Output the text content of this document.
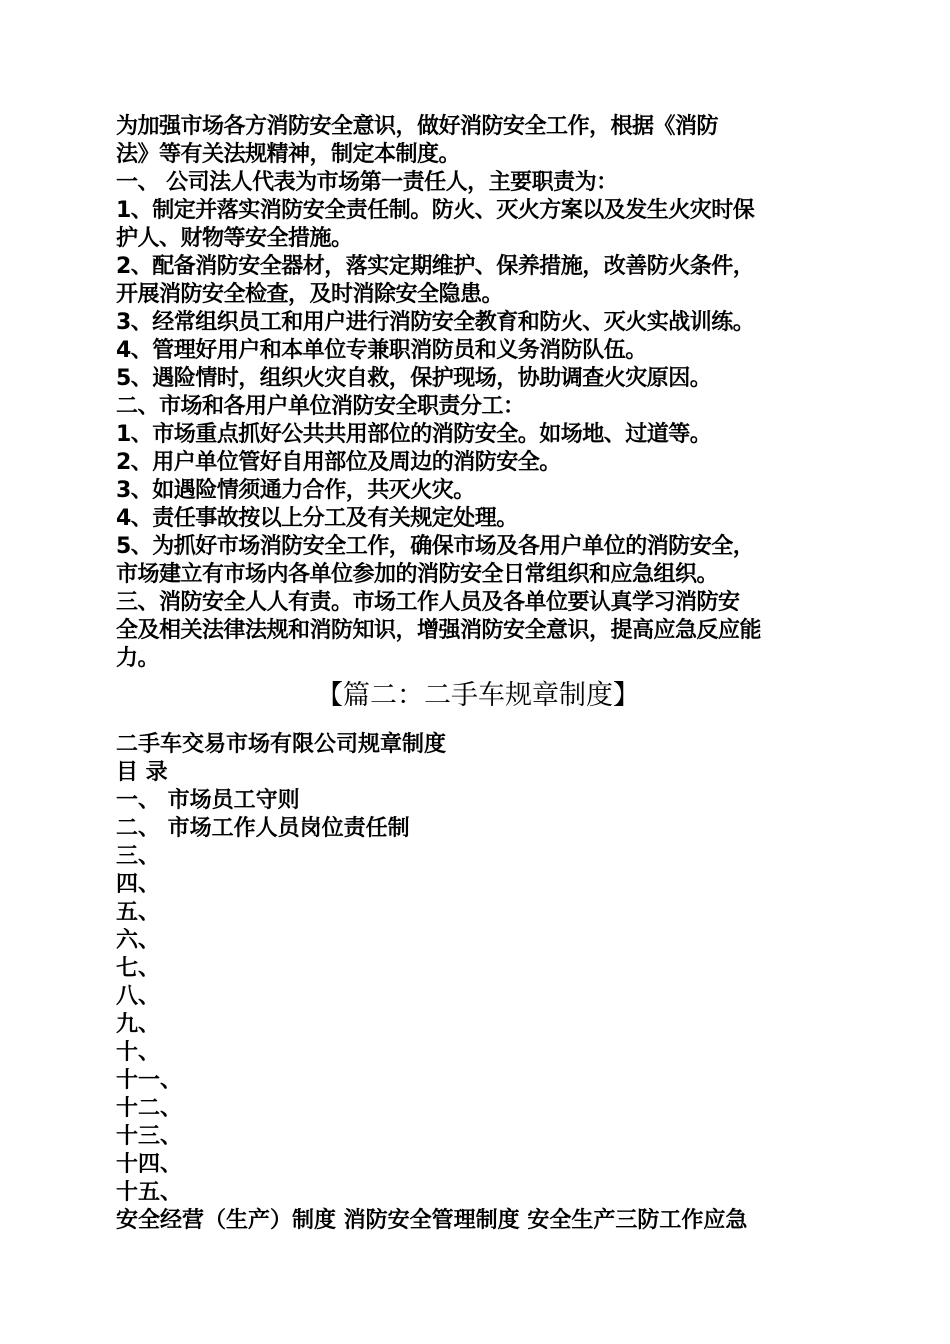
为加强市场各方消防安全意识，做好消防安全工作，根据《消防
法》等有关法规精神，制定本制度。
一、 公司法人代表为市场第一责任人，主要职责为：
1、制定并落实消防安全责任制。防火、灭火方案以及发生火灾时保
护人、财物等安全措施。
2、配备消防安全器材，落实定期维护、保养措施，改善防火条件，
开展消防安全检查，及时消除安全隐患。
3、经常组织员工和用户进行消防安全教育和防火、灭火实战训练。
4、管理好用户和本单位专兼职消防员和义务消防队伍。
5、遇险情时，组织火灾自救，保护现场，协助调查火灾原因。
二、市场和各用户单位消防安全职责分工：
1、市场重点抓好公共共用部位的消防安全。如场地、过道等。
2、用户单位管好自用部位及周边的消防安全。
3、如遇险情须通力合作，共灭火灾。
4、责任事故按以上分工及有关规定处理。
5、为抓好市场消防安全工作，确保市场及各用户单位的消防安全，
市场建立有市场内各单位参加的消防安全日常组织和应急组织。
三、消防安全人人有责。市场工作人员及各单位要认真学习消防安
全及相关法律法规和消防知识，增强消防安全意识，提高应急反应能
力。
【篇二：二手车规章制度】
二手车交易市场有限公司规章制度
目 录
一、 市场员工守则
二、 市场工作人员岗位责任制
三、
四、
五、
六、
七、
八、
九、
十、
十一、
十二、
十三、
十四、
十五、
安全经营（生产）制度 消防安全管理制度 安全生产三防工作应急
